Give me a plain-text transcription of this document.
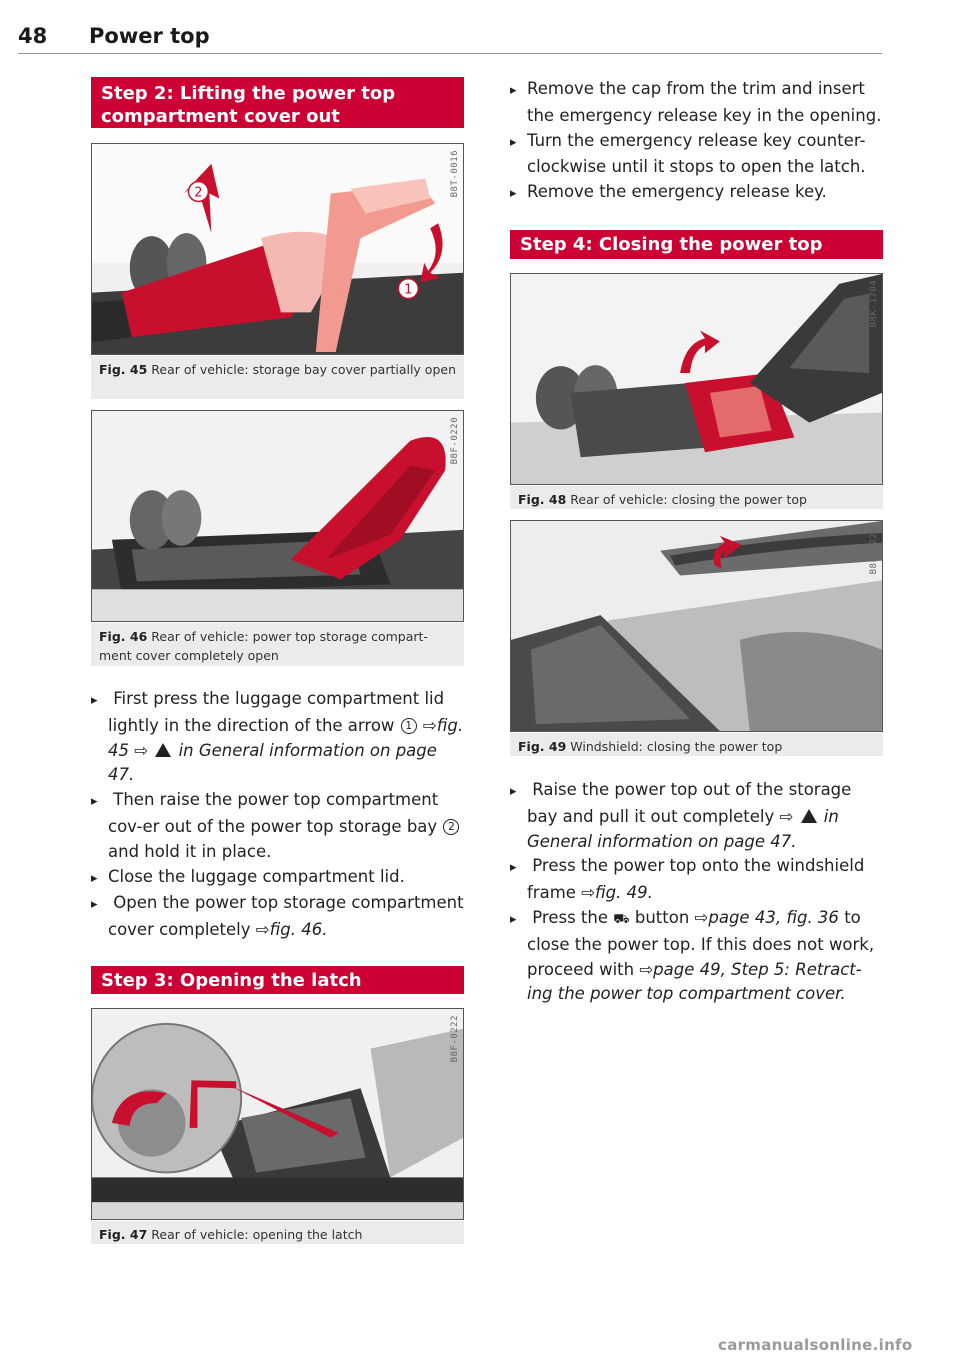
48 Power top
Step 2: Lifting the power top compartment cover out
2
1
B8T-0016
Fig. 45 Rear of vehicle: storage bay cover partially open
B8F-0220
Fig. 46 Rear of vehicle: power top storage compart-ment cover completely open

▸ First press the luggage compartment lid lightly in the direction of the arrow 1 ⇨fig. 45 ⇨ ! in General information on page 47.

▸ Then raise the power top compartment cov-er out of the power top storage bay 2 and hold it in place.

▸ Close the luggage compartment lid.

▸ Open the power top storage compartment cover completely ⇨fig. 46.

Step 3: Opening the latch
B8F-0222
Fig. 47 Rear of vehicle: opening the latch

▸ Remove the cap from the trim and insert the emergency release key in the opening.

▸ Turn the emergency release key counter-clockwise until it stops to open the latch.

▸ Remove the emergency release key.

Step 4: Closing the power top
B8K-1704
Fig. 48 Rear of vehicle: closing the power top
B8F-0223
Fig. 49 Windshield: closing the power top

▸ Raise the power top out of the storage bay and pull it out completely ⇨ ! in General information on page 47.

▸ Press the power top onto the windshield frame ⇨fig. 49.

▸ Press the ⛟ button ⇨page 43, fig. 36 to close the power top. If this does not work, proceed with ⇨page 49, Step 5: Retract-ing the power top compartment cover.

carmanualsonline.info
